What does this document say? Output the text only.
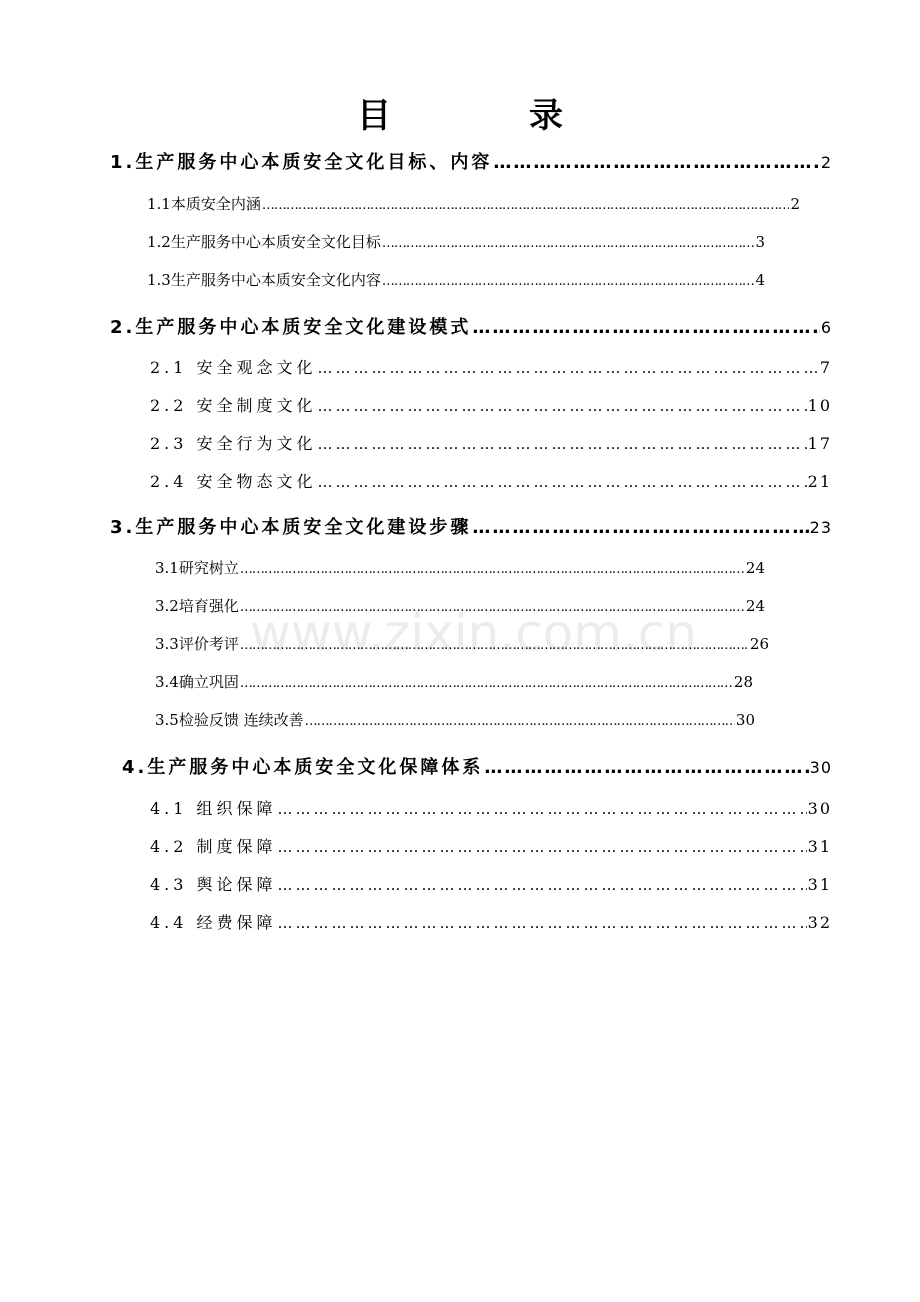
目　录
www.zixin.com.cn
1.生产服务中心本质安全文化目标、内容 ……………………………………………………………………………………………………………………………………………………………………………………………………	2
1.1本质安全内涵 ……………………………………………………………………………………………………………………………………………………………………………………………………	2
1.2生产服务中心本质安全文化目标 ……………………………………………………………………………………………………………………………………………………………………………………………………	3
1.3生产服务中心本质安全文化内容 ……………………………………………………………………………………………………………………………………………………………………………………………………	4
2.生产服务中心本质安全文化建设模式 ……………………………………………………………………………………………………………………………………………………………………………………………………	6
2.1 安全观念文化 ……………………………………………………………………………………………………………………………………………………………………………………………………	7
2.2 安全制度文化 ……………………………………………………………………………………………………………………………………………………………………………………………………	10
2.3 安全行为文化 ……………………………………………………………………………………………………………………………………………………………………………………………………	17
2.4 安全物态文化 ……………………………………………………………………………………………………………………………………………………………………………………………………	21
3.生产服务中心本质安全文化建设步骤 ……………………………………………………………………………………………………………………………………………………………………………………………………	23
3.1研究树立 ……………………………………………………………………………………………………………………………………………………………………………………………………	24
3.2培育强化 ……………………………………………………………………………………………………………………………………………………………………………………………………	24
3.3评价考评 ……………………………………………………………………………………………………………………………………………………………………………………………………	26
3.4确立巩固 ……………………………………………………………………………………………………………………………………………………………………………………………………	28
3.5检验反馈 连续改善 ……………………………………………………………………………………………………………………………………………………………………………………………………	30
4.生产服务中心本质安全文化保障体系 ……………………………………………………………………………………………………………………………………………………………………………………………………	30
4.1 组织保障 ……………………………………………………………………………………………………………………………………………………………………………………………………	30
4.2 制度保障 ……………………………………………………………………………………………………………………………………………………………………………………………………	31
4.3 舆论保障 ……………………………………………………………………………………………………………………………………………………………………………………………………	31
4.4 经费保障 ……………………………………………………………………………………………………………………………………………………………………………………………………	32
